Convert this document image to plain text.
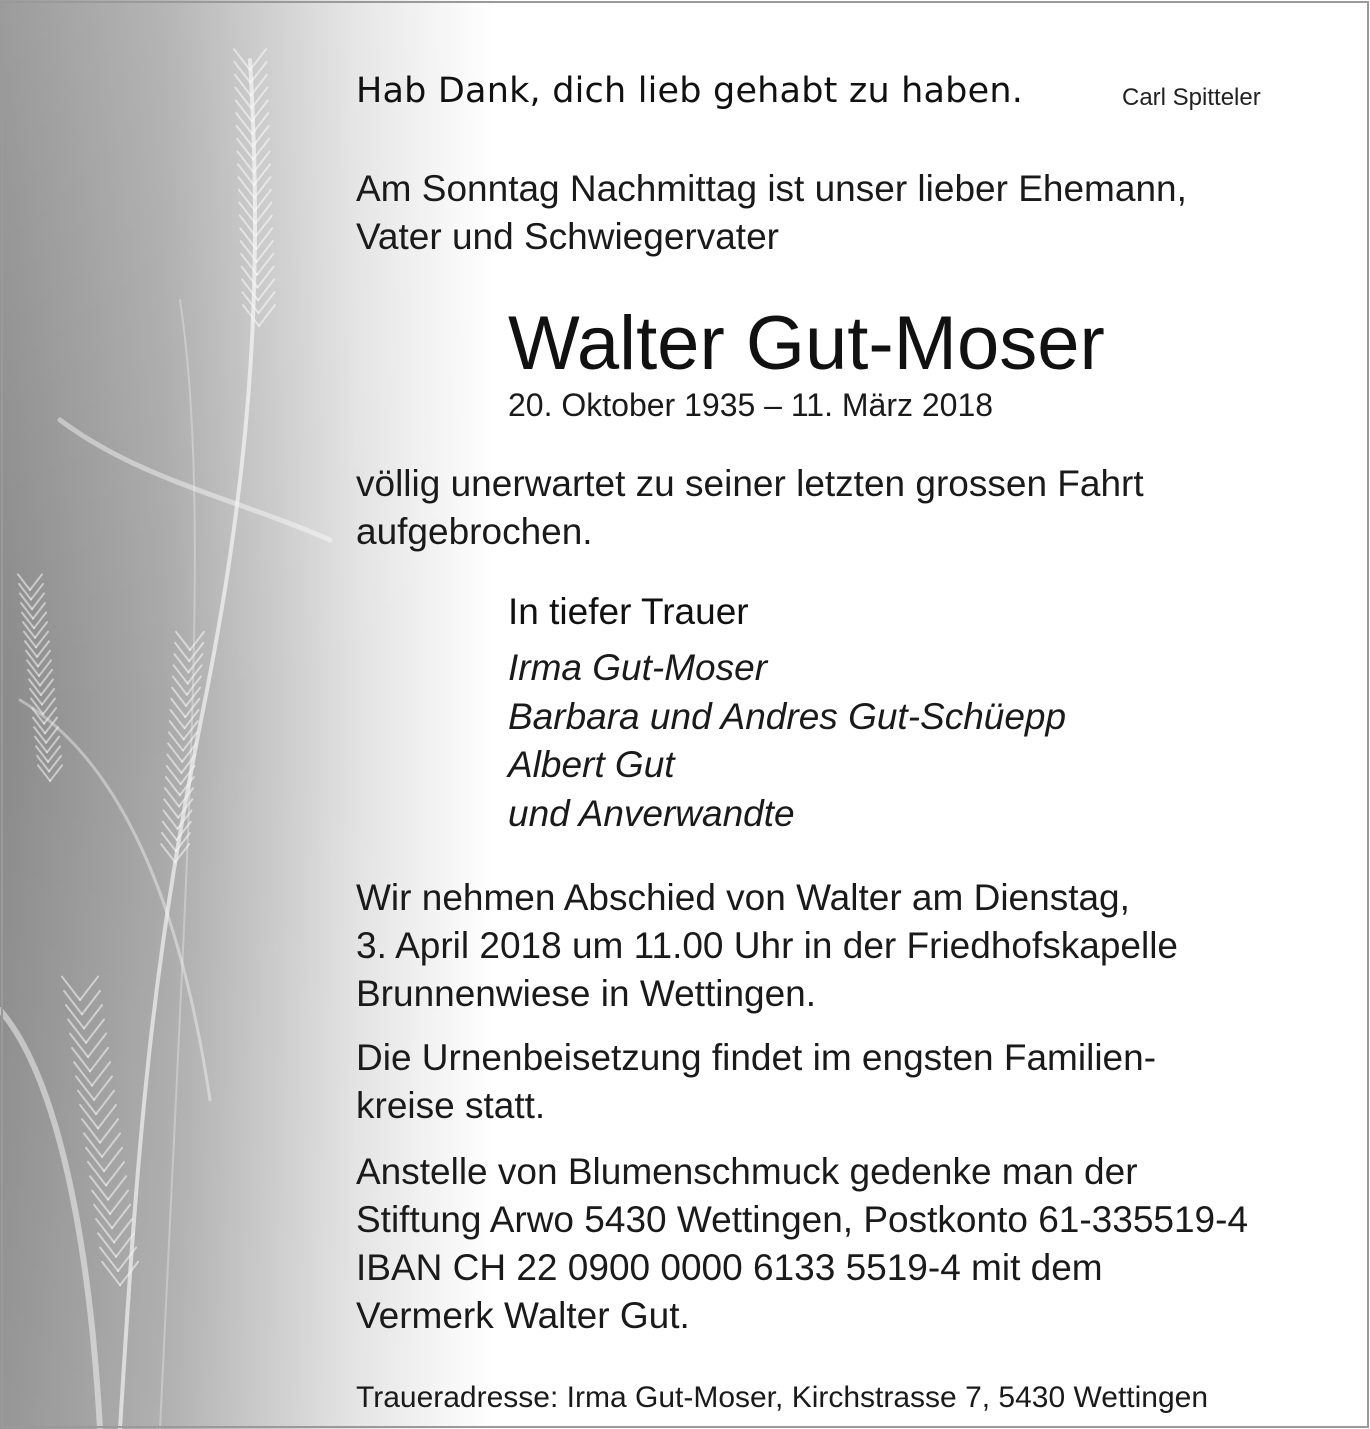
Hab Dank, dich lieb gehabt zu haben.	Carl Spitteler
Am Sonntag Nachmittag ist unser lieber Ehemann,
Vater und Schwiegervater
Walter Gut-Moser
20. Oktober 1935 – 11. März 2018
völlig unerwartet zu seiner letzten grossen Fahrt
aufgebrochen.
In tiefer Trauer
Irma Gut-Moser
Barbara und Andres Gut-Schüepp
Albert Gut
und Anverwandte
Wir nehmen Abschied von Walter am Dienstag,
3. April 2018 um 11.00 Uhr in der Friedhofskapelle
Brunnenwiese in Wettingen.
Die Urnenbeisetzung findet im engsten Familien-
kreise statt.
Anstelle von Blumenschmuck gedenke man der
Stiftung Arwo 5430 Wettingen, Postkonto 61-335519-4
IBAN CH 22 0900 0000 6133 5519-4 mit dem
Vermerk Walter Gut.
Traueradresse: Irma Gut-Moser, Kirchstrasse 7, 5430 Wettingen
